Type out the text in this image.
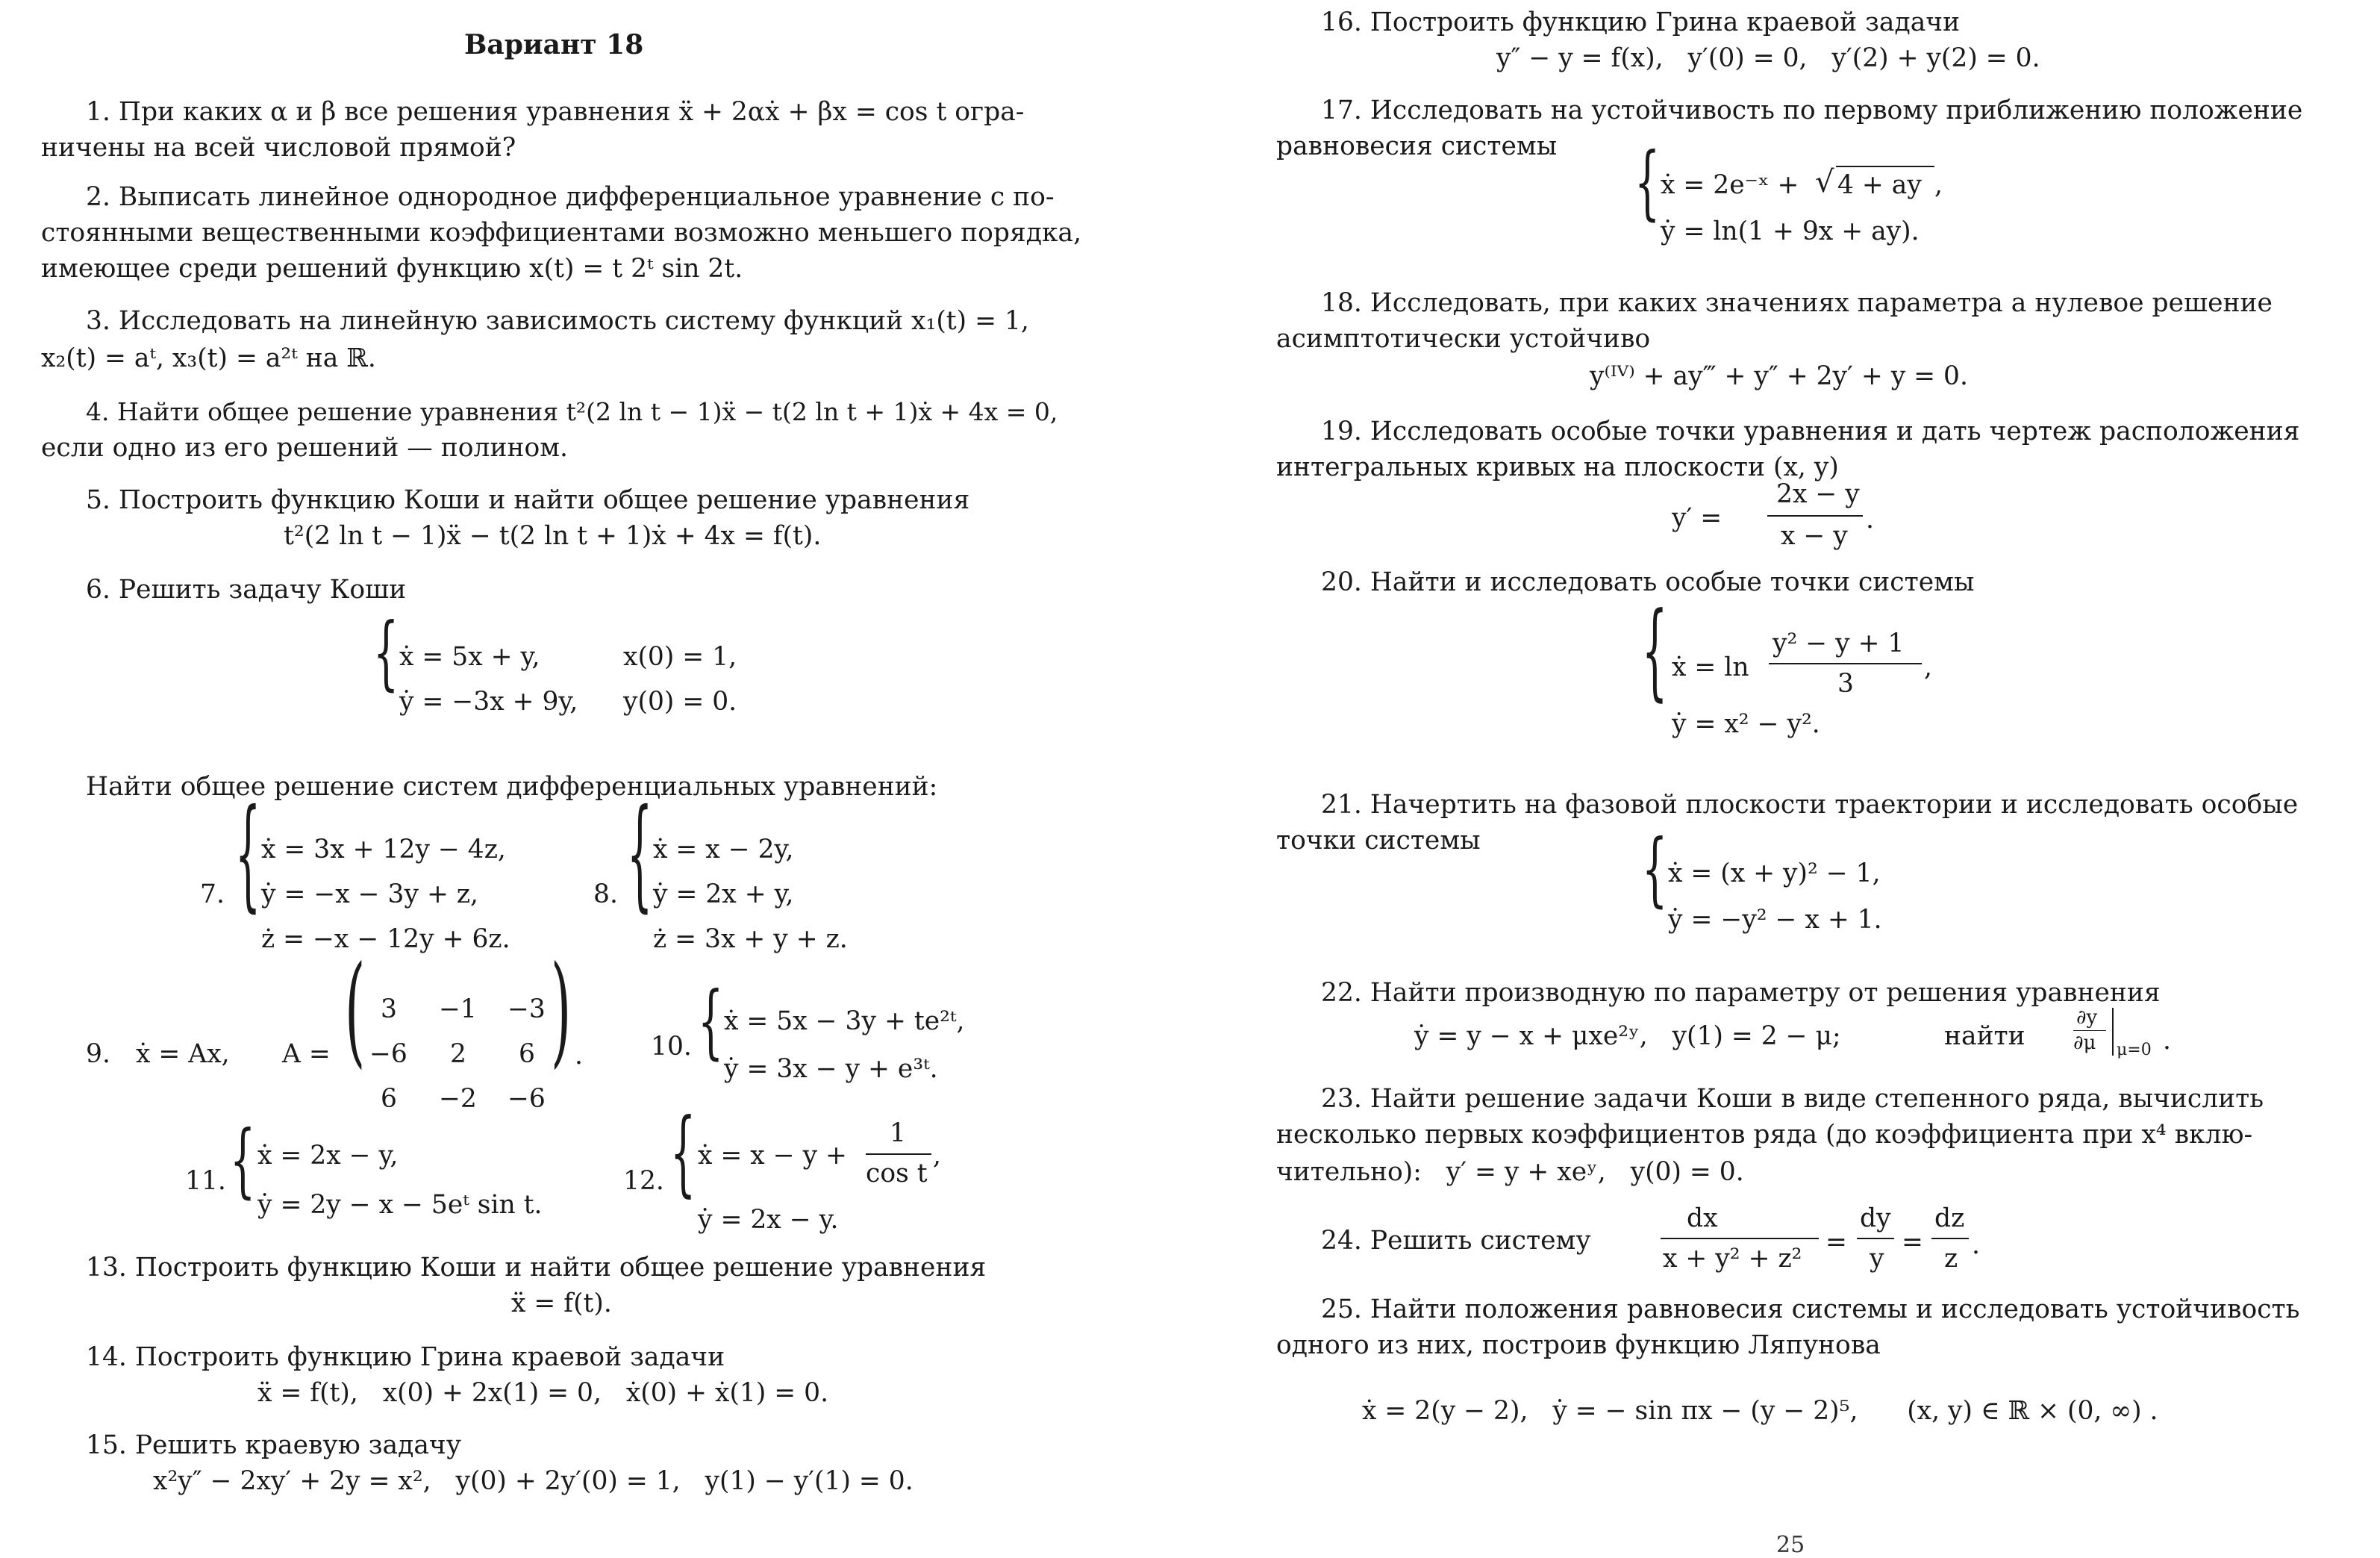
Вариант 18
1. При каких α и β все решения уравнения ẍ + 2αẋ + βx = cos t огра-
ничены на всей числовой прямой?
2. Выписать линейное однородное дифференциальное уравнение с по-
стоянными вещественными коэффициентами возможно меньшего порядка,
имеющее среди решений функцию x(t) = t 2ᵗ sin 2t.
3. Исследовать на линейную зависимость систему функций x₁(t) = 1,
x₂(t) = aᵗ, x₃(t) = a²ᵗ на ℝ.
4. Найти общее решение уравнения t²(2 ln t − 1)ẍ − t(2 ln t + 1)ẋ + 4x = 0,
если одно из его решений — полином.
5. Построить функцию Коши и найти общее решение уравнения
t²(2 ln t − 1)ẍ − t(2 ln t + 1)ẋ + 4x = f(t).
6. Решить задачу Коши
{ ẋ = 5x + y,	x(0) = 1,
ẏ = −3x + 9y, y(0) = 0.
Найти общее решение систем дифференциальных уравнений:
7. { ẋ = 3x + 12y − 4z,
ẏ = −x − 3y + z,
ż = −x − 12y + 6z.
8. { ẋ = x − 2y,
ẏ = 2x + y,
ż = 3x + y + z.
9. ẋ = Ax, A = (	)
3 −1 −3
−6 2 6
6 −2 −6
.	10. { ẋ = 5x − 3y + te²ᵗ,
ẏ = 3x − y + e³ᵗ.
11. { ẋ = 2x − y,
ẏ = 2y − x − 5eᵗ sin t.
12. { ẋ = x − y +
1
cos t
,
ẏ = 2x − y.
13. Построить функцию Коши и найти общее решение уравнения
ẍ = f(t).
14. Построить функцию Грина краевой задачи
ẍ = f(t),   x(0) + 2x(1) = 0,   ẋ(0) + ẋ(1) = 0.
15. Решить краевую задачу
x²y″ − 2xy′ + 2y = x²,   y(0) + 2y′(0) = 1,   y(1) − y′(1) = 0.
16. Построить функцию Грина краевой задачи
y″ − y = f(x),   y′(0) = 0,   y′(2) + y(2) = 0.
17. Исследовать на устойчивость по первому приближению положение
равновесия системы { ẋ = 2e⁻ˣ + √ 4 + ay ,
ẏ = ln(1 + 9x + ay).
18. Исследовать, при каких значениях параметра a нулевое решение
асимптотически устойчиво
y⁽ᴵⱽ⁾ + ay‴ + y″ + 2y′ + y = 0.
19. Исследовать особые точки уравнения и дать чертеж расположения
интегральных кривых на плоскости (x, y)
y′ =
2x − y
x − y
.
20. Найти и исследовать особые точки системы
{ ẋ = ln
y² − y + 1
3
,
ẏ = x² − y².
21. Начертить на фазовой плоскости траектории и исследовать особые
точки системы	{ ẋ = (x + y)² − 1,
ẏ = −y² − x + 1.
22. Найти производную по параметру от решения уравнения
ẏ = y − x + μxe²ʸ,   y(1) = 2 − μ;	найти
∂y
∂μ μ=0 .
23. Найти решение задачи Коши в виде степенного ряда, вычислить
несколько первых коэффициентов ряда (до коэффициента при x⁴ вклю-
чительно):   y′ = y + xeʸ,   y(0) = 0.
24. Решить систему
dx
x + y² + z²
=
dy
y
=
dz
z .
25. Найти положения равновесия системы и исследовать устойчивость
одного из них, построив функцию Ляпунова
ẋ = 2(y − 2),   ẏ = − sin πx − (y − 2)⁵,      (x, y) ∈ ℝ × (0, ∞) .
25
